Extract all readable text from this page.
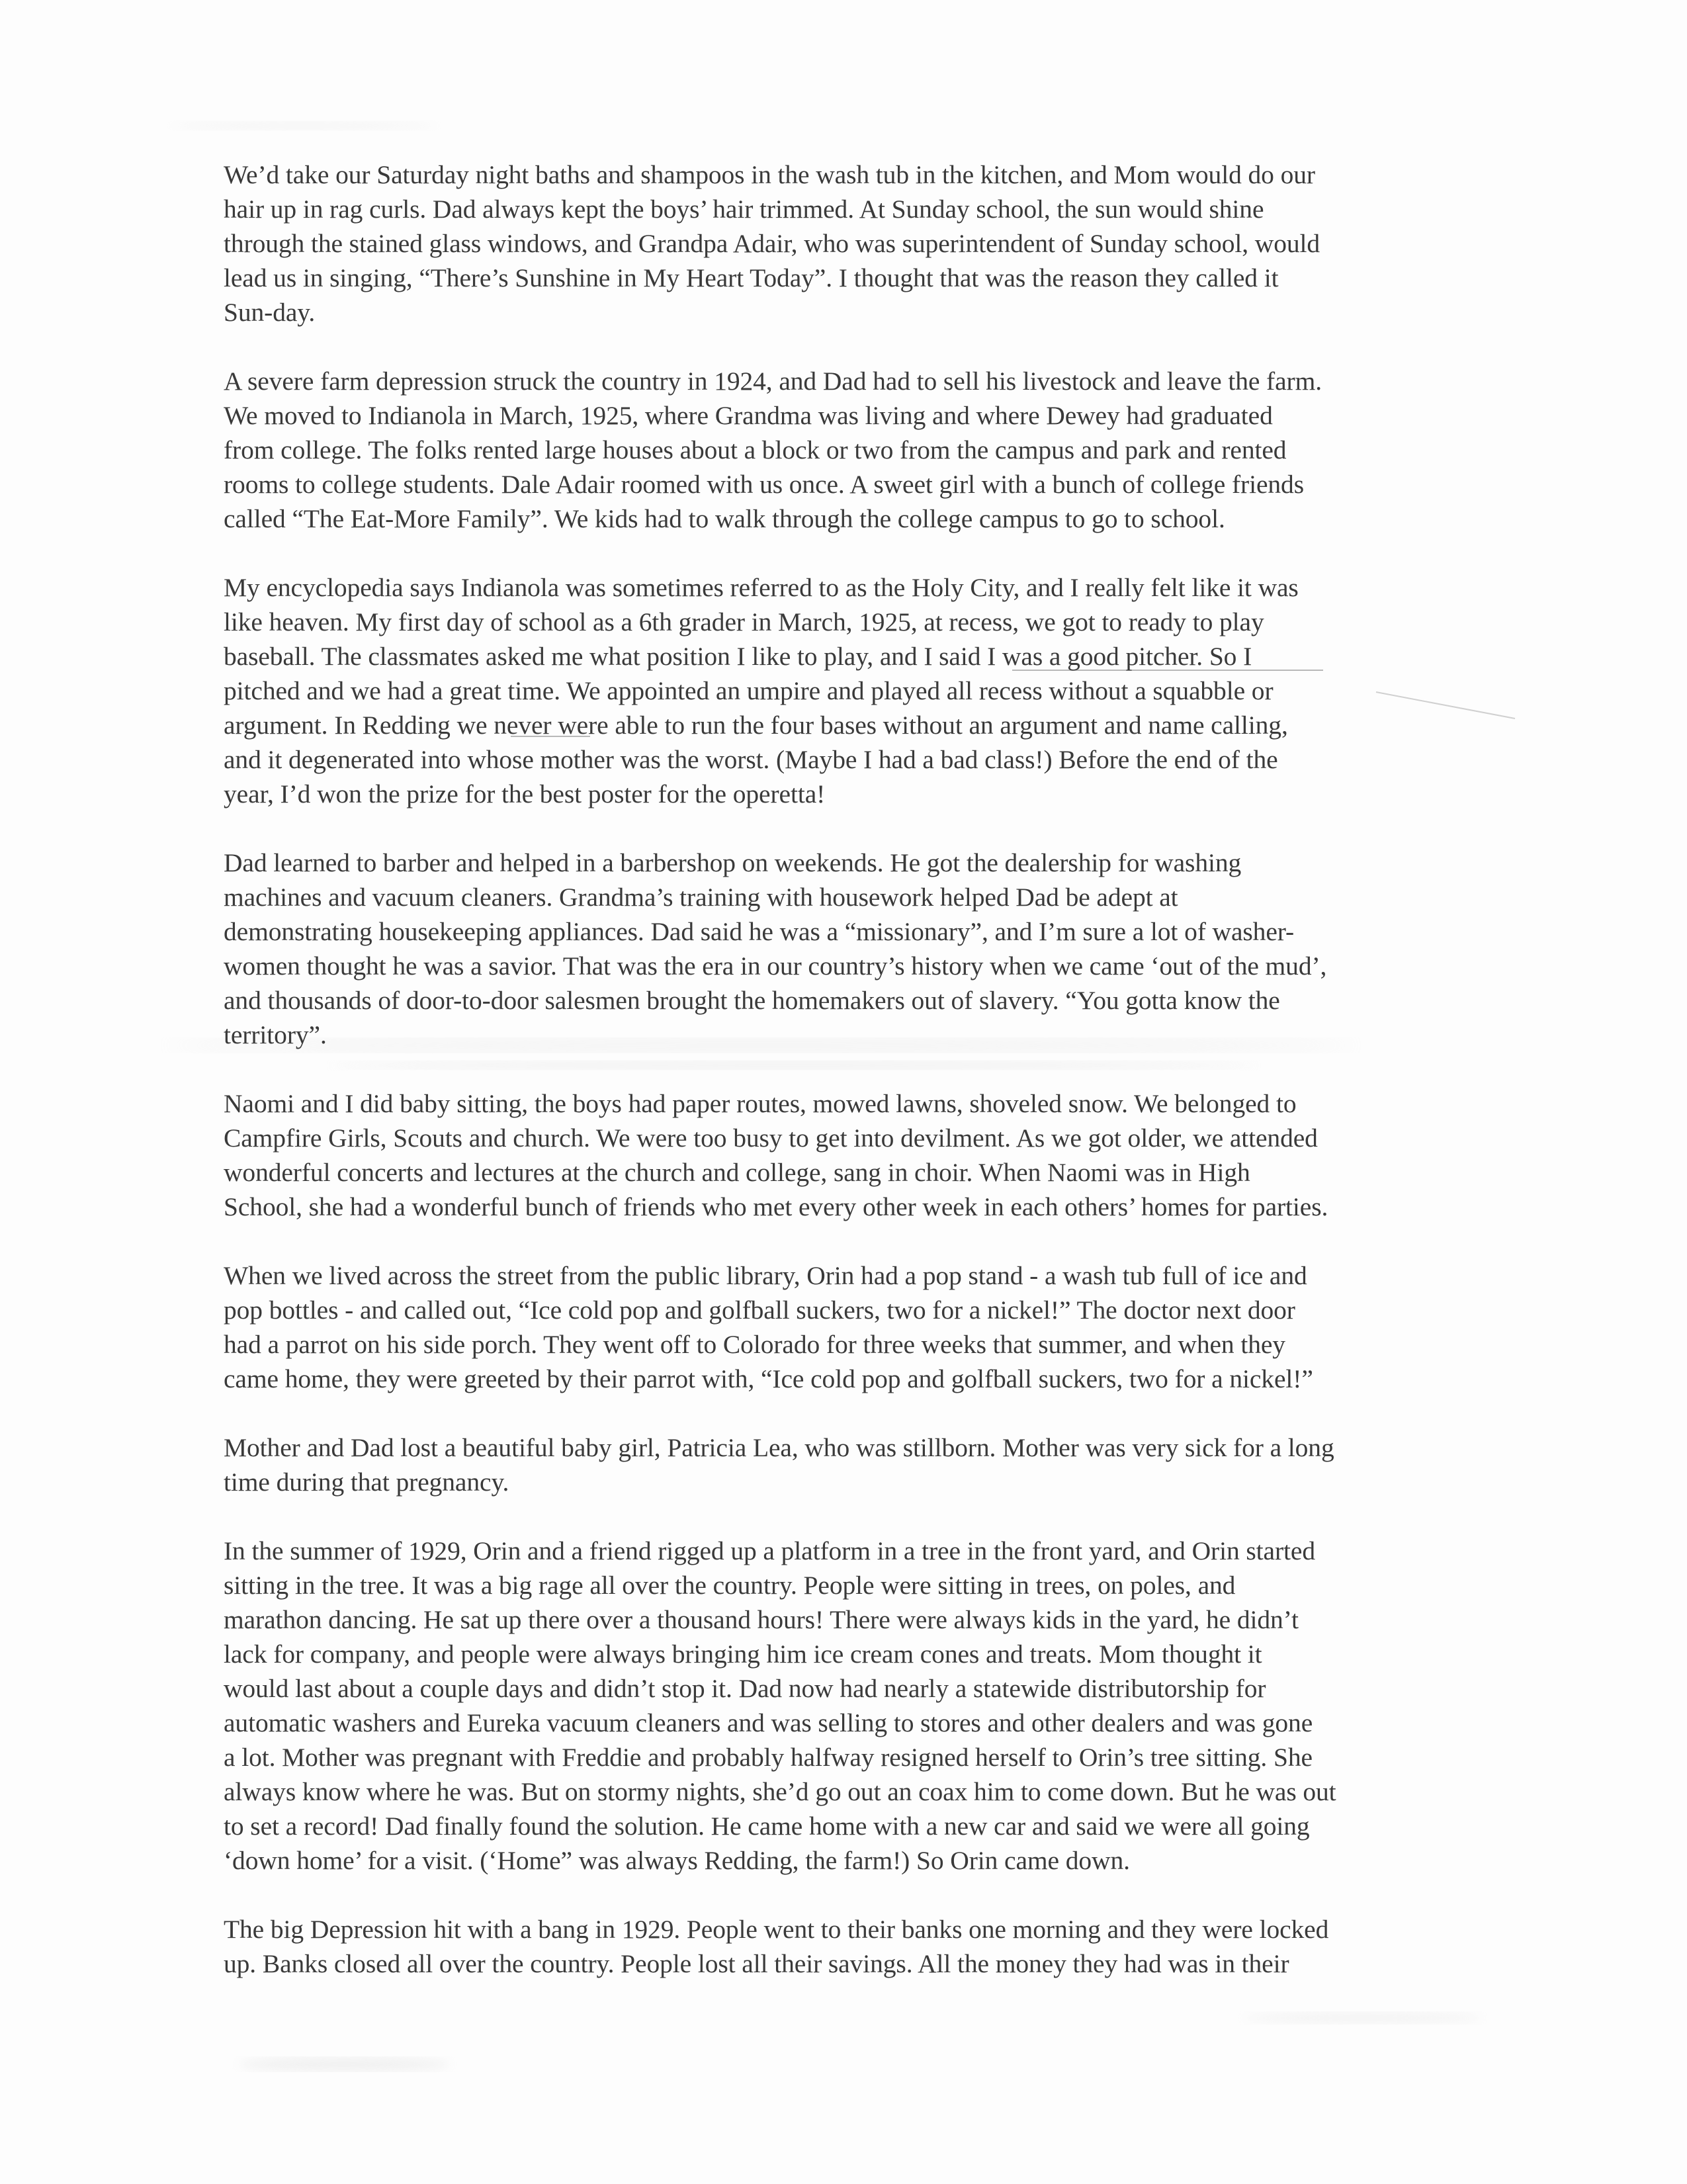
We’d take our Saturday night baths and shampoos in the wash tub in the kitchen, and Mom would do our
hair up in rag curls. Dad always kept the boys’ hair trimmed. At Sunday school, the sun would shine
through the stained glass windows, and Grandpa Adair, who was superintendent of Sunday school, would
lead us in singing, “There’s Sunshine in My Heart Today”. I thought that was the reason they called it
Sun-day.
A severe farm depression struck the country in 1924, and Dad had to sell his livestock and leave the farm.
We moved to Indianola in March, 1925, where Grandma was living and where Dewey had graduated
from college. The folks rented large houses about a block or two from the campus and park and rented
rooms to college students. Dale Adair roomed with us once. A sweet girl with a bunch of college friends
called “The Eat-More Family”. We kids had to walk through the college campus to go to school.
My encyclopedia says Indianola was sometimes referred to as the Holy City, and I really felt like it was
like heaven. My first day of school as a 6th grader in March, 1925, at recess, we got to ready to play
baseball. The classmates asked me what position I like to play, and I said I was a good pitcher. So I
pitched and we had a great time. We appointed an umpire and played all recess without a squabble or
argument. In Redding we never were able to run the four bases without an argument and name calling,
and it degenerated into whose mother was the worst. (Maybe I had a bad class!) Before the end of the
year, I’d won the prize for the best poster for the operetta!
Dad learned to barber and helped in a barbershop on weekends. He got the dealership for washing
machines and vacuum cleaners. Grandma’s training with housework helped Dad be adept at
demonstrating housekeeping appliances. Dad said he was a “missionary”, and I’m sure a lot of washer-
women thought he was a savior. That was the era in our country’s history when we came ‘out of the mud’,
and thousands of door-to-door salesmen brought the homemakers out of slavery. “You gotta know the
territory”.
Naomi and I did baby sitting, the boys had paper routes, mowed lawns, shoveled snow. We belonged to
Campfire Girls, Scouts and church. We were too busy to get into devilment. As we got older, we attended
wonderful concerts and lectures at the church and college, sang in choir. When Naomi was in High
School, she had a wonderful bunch of friends who met every other week in each others’ homes for parties.
When we lived across the street from the public library, Orin had a pop stand - a wash tub full of ice and
pop bottles - and called out, “Ice cold pop and golfball suckers, two for a nickel!” The doctor next door
had a parrot on his side porch. They went off to Colorado for three weeks that summer, and when they
came home, they were greeted by their parrot with, “Ice cold pop and golfball suckers, two for a nickel!”
Mother and Dad lost a beautiful baby girl, Patricia Lea, who was stillborn. Mother was very sick for a long
time during that pregnancy.
In the summer of 1929, Orin and a friend rigged up a platform in a tree in the front yard, and Orin started
sitting in the tree. It was a big rage all over the country. People were sitting in trees, on poles, and
marathon dancing. He sat up there over a thousand hours! There were always kids in the yard, he didn’t
lack for company, and people were always bringing him ice cream cones and treats. Mom thought it
would last about a couple days and didn’t stop it. Dad now had nearly a statewide distributorship for
automatic washers and Eureka vacuum cleaners and was selling to stores and other dealers and was gone
a lot. Mother was pregnant with Freddie and probably halfway resigned herself to Orin’s tree sitting. She
always know where he was. But on stormy nights, she’d go out an coax him to come down. But he was out
to set a record! Dad finally found the solution. He came home with a new car and said we were all going
‘down home’ for a visit. (‘Home” was always Redding, the farm!) So Orin came down.
The big Depression hit with a bang in 1929. People went to their banks one morning and they were locked
up. Banks closed all over the country. People lost all their savings. All the money they had was in their
